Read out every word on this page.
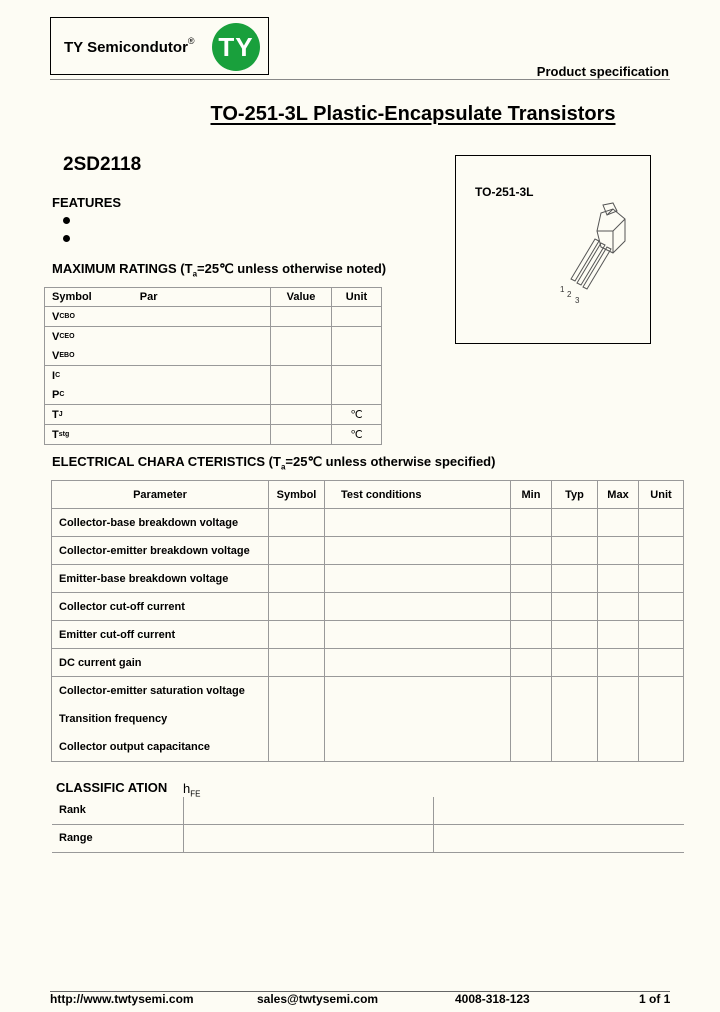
TY Semicondutor® TY
Product specification
TO-251-3L Plastic-Encapsulate Transistors
2SD2118
FEATURES
TO-251-3L
1
2
3
MAXIMUM RATINGS ($T_a=25℃$ unless otherwise noted)
Symbol Par	Value	Unit

V CBO		

V CEO
V EBO		

I C
P C		

T J		℃

T stg		℃
ELECTRICAL CHARA CTERISTICS ($T_a=25℃$ unless otherwise specified)
Parameter	Symbol	Test conditions	Min	Typ	Max	Unit
Collector-base breakdown voltage						
Collector-emitter breakdown voltage						
Emitter-base breakdown voltage						
Collector cut-off current						
Emitter cut-off current						
DC current gain						

Collector-emitter saturation voltage
Transition frequency
Collector output capacitance						

CLASSIFIC ATION $h_{FE}$
Rank		
Range		
http://www.twtysemi.com	sales@twtysemi.com	4008-318-123	1 of 1
